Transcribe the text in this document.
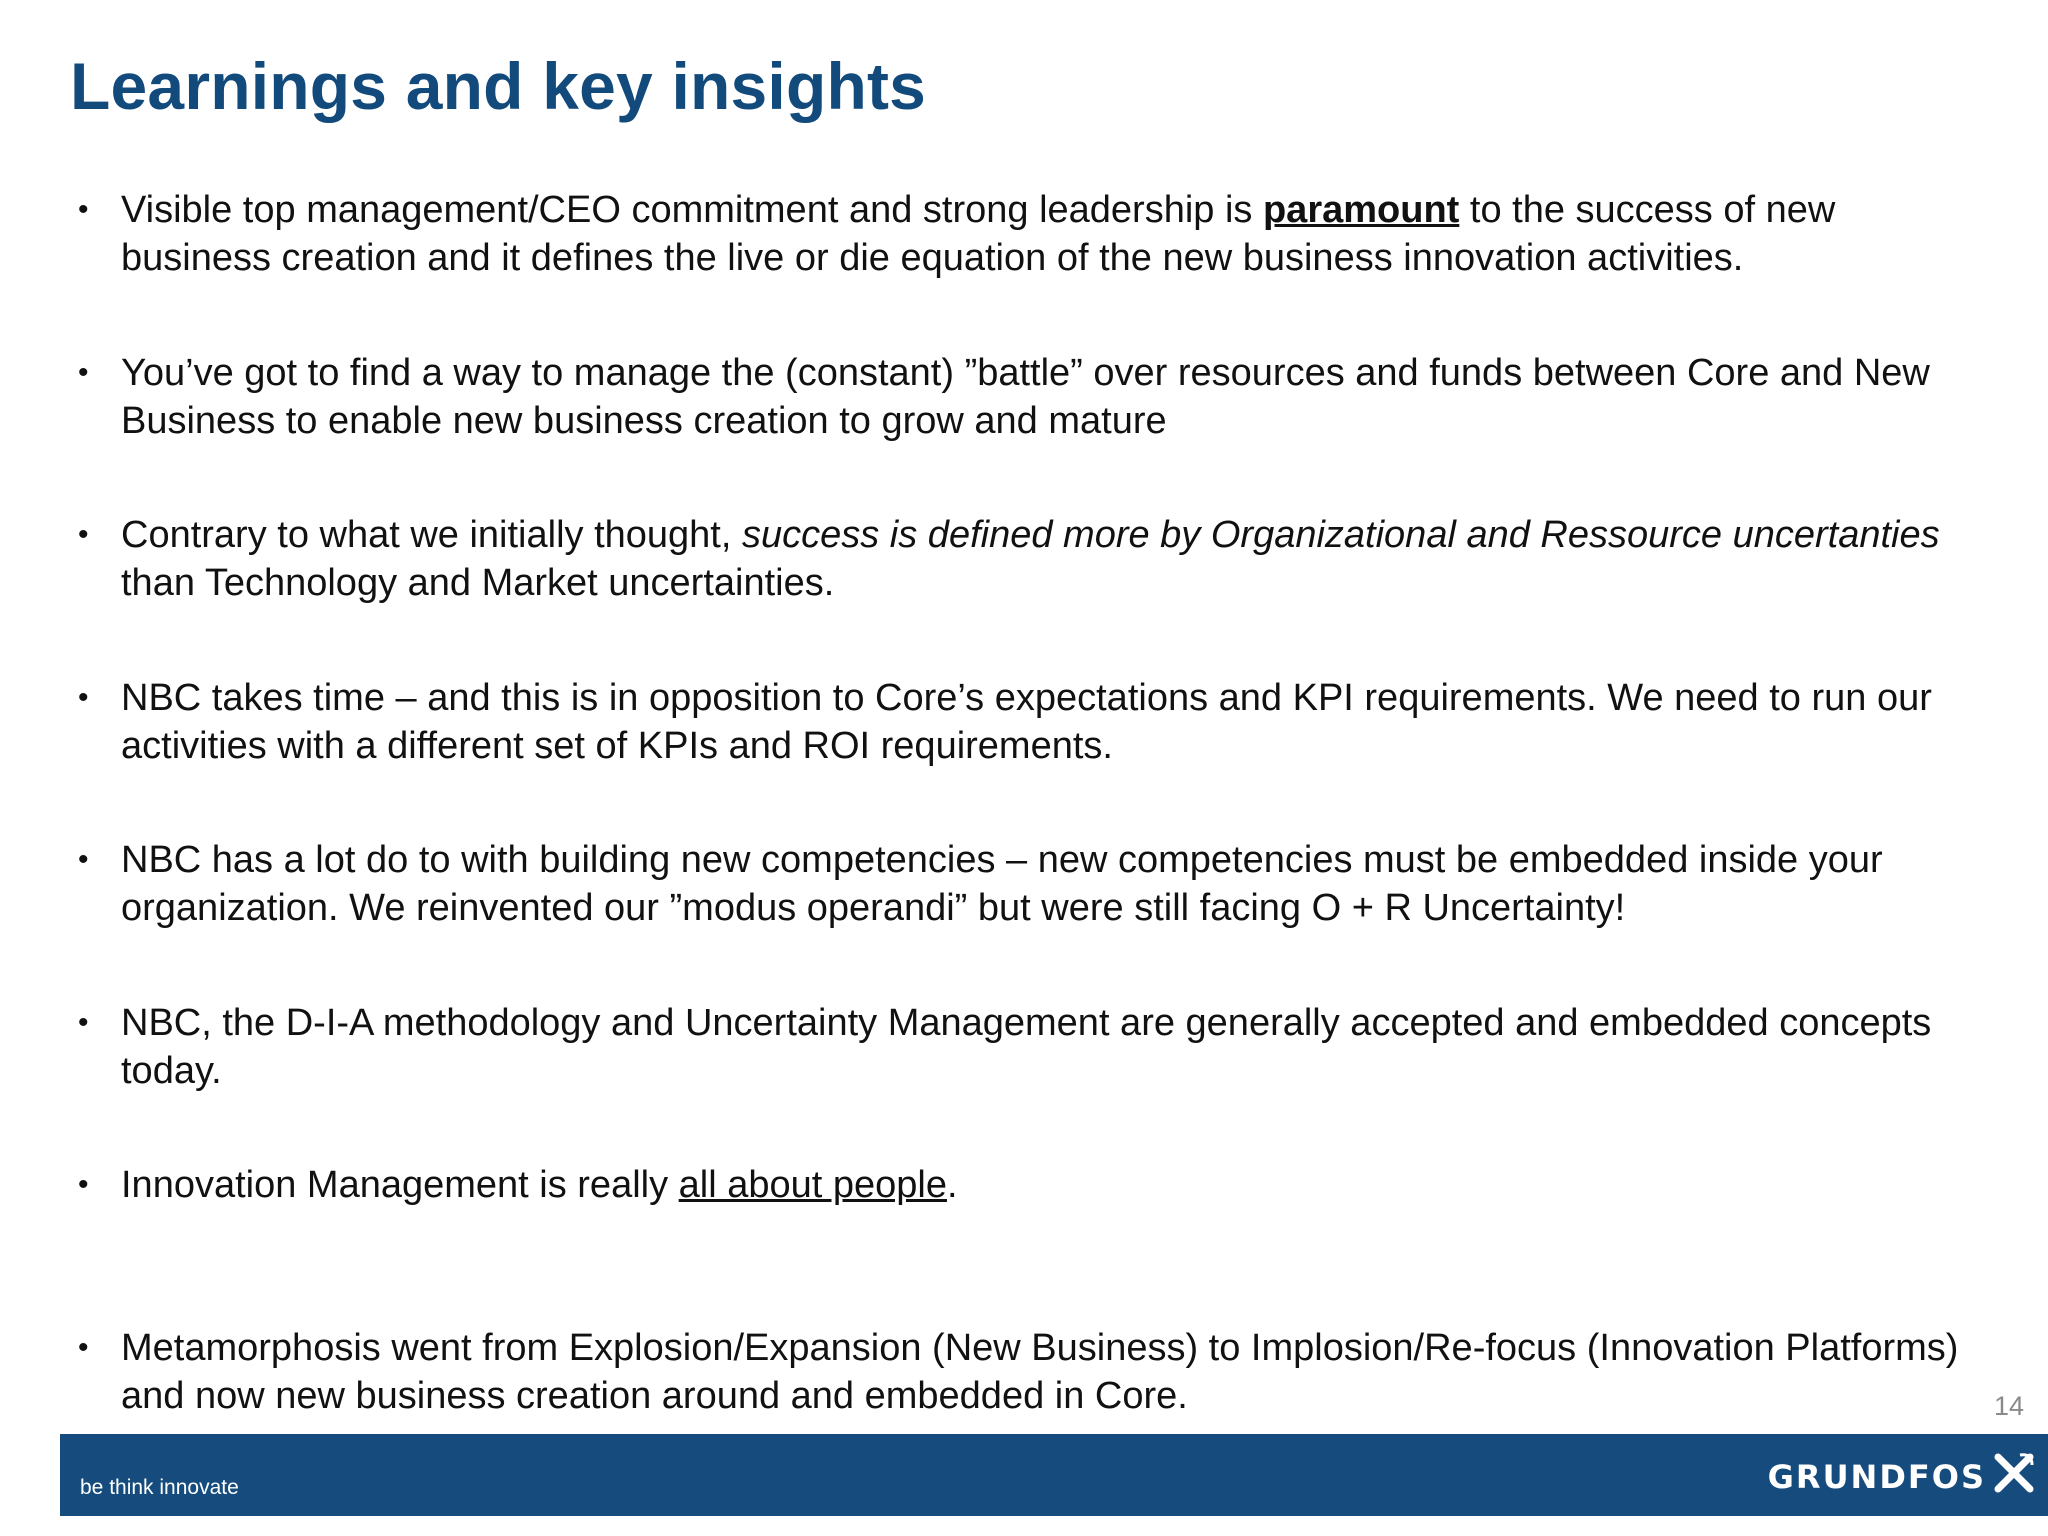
Learnings and key insights
• Visible top management/CEO commitment and strong leadership is paramount to the success of new business creation and it defines the live or die equation of the new business innovation activities.
• You’ve got to find a way to manage the (constant) ”battle” over resources and funds between Core and New Business to enable new business creation to grow and mature
• Contrary to what we initially thought, success is defined more by Organizational and Ressource uncertanties than Technology and Market uncertainties.
• NBC takes time – and this is in opposition to Core’s expectations and KPI requirements. We need to run our activities with a different set of KPIs and ROI requirements.
• NBC has a lot do to with building new competencies – new competencies must be embedded inside your organization. We reinvented our ”modus operandi” but were still facing O + R Uncertainty!
• NBC, the D-I-A methodology and Uncertainty Management are generally accepted and embedded concepts today.
• Innovation Management is really all about people.
• Metamorphosis went from Explosion/Expansion (New Business) to Implosion/Re-focus (Innovation Platforms) and now new business creation around and embedded in Core.	14
be think innovate	GRUNDFOS
